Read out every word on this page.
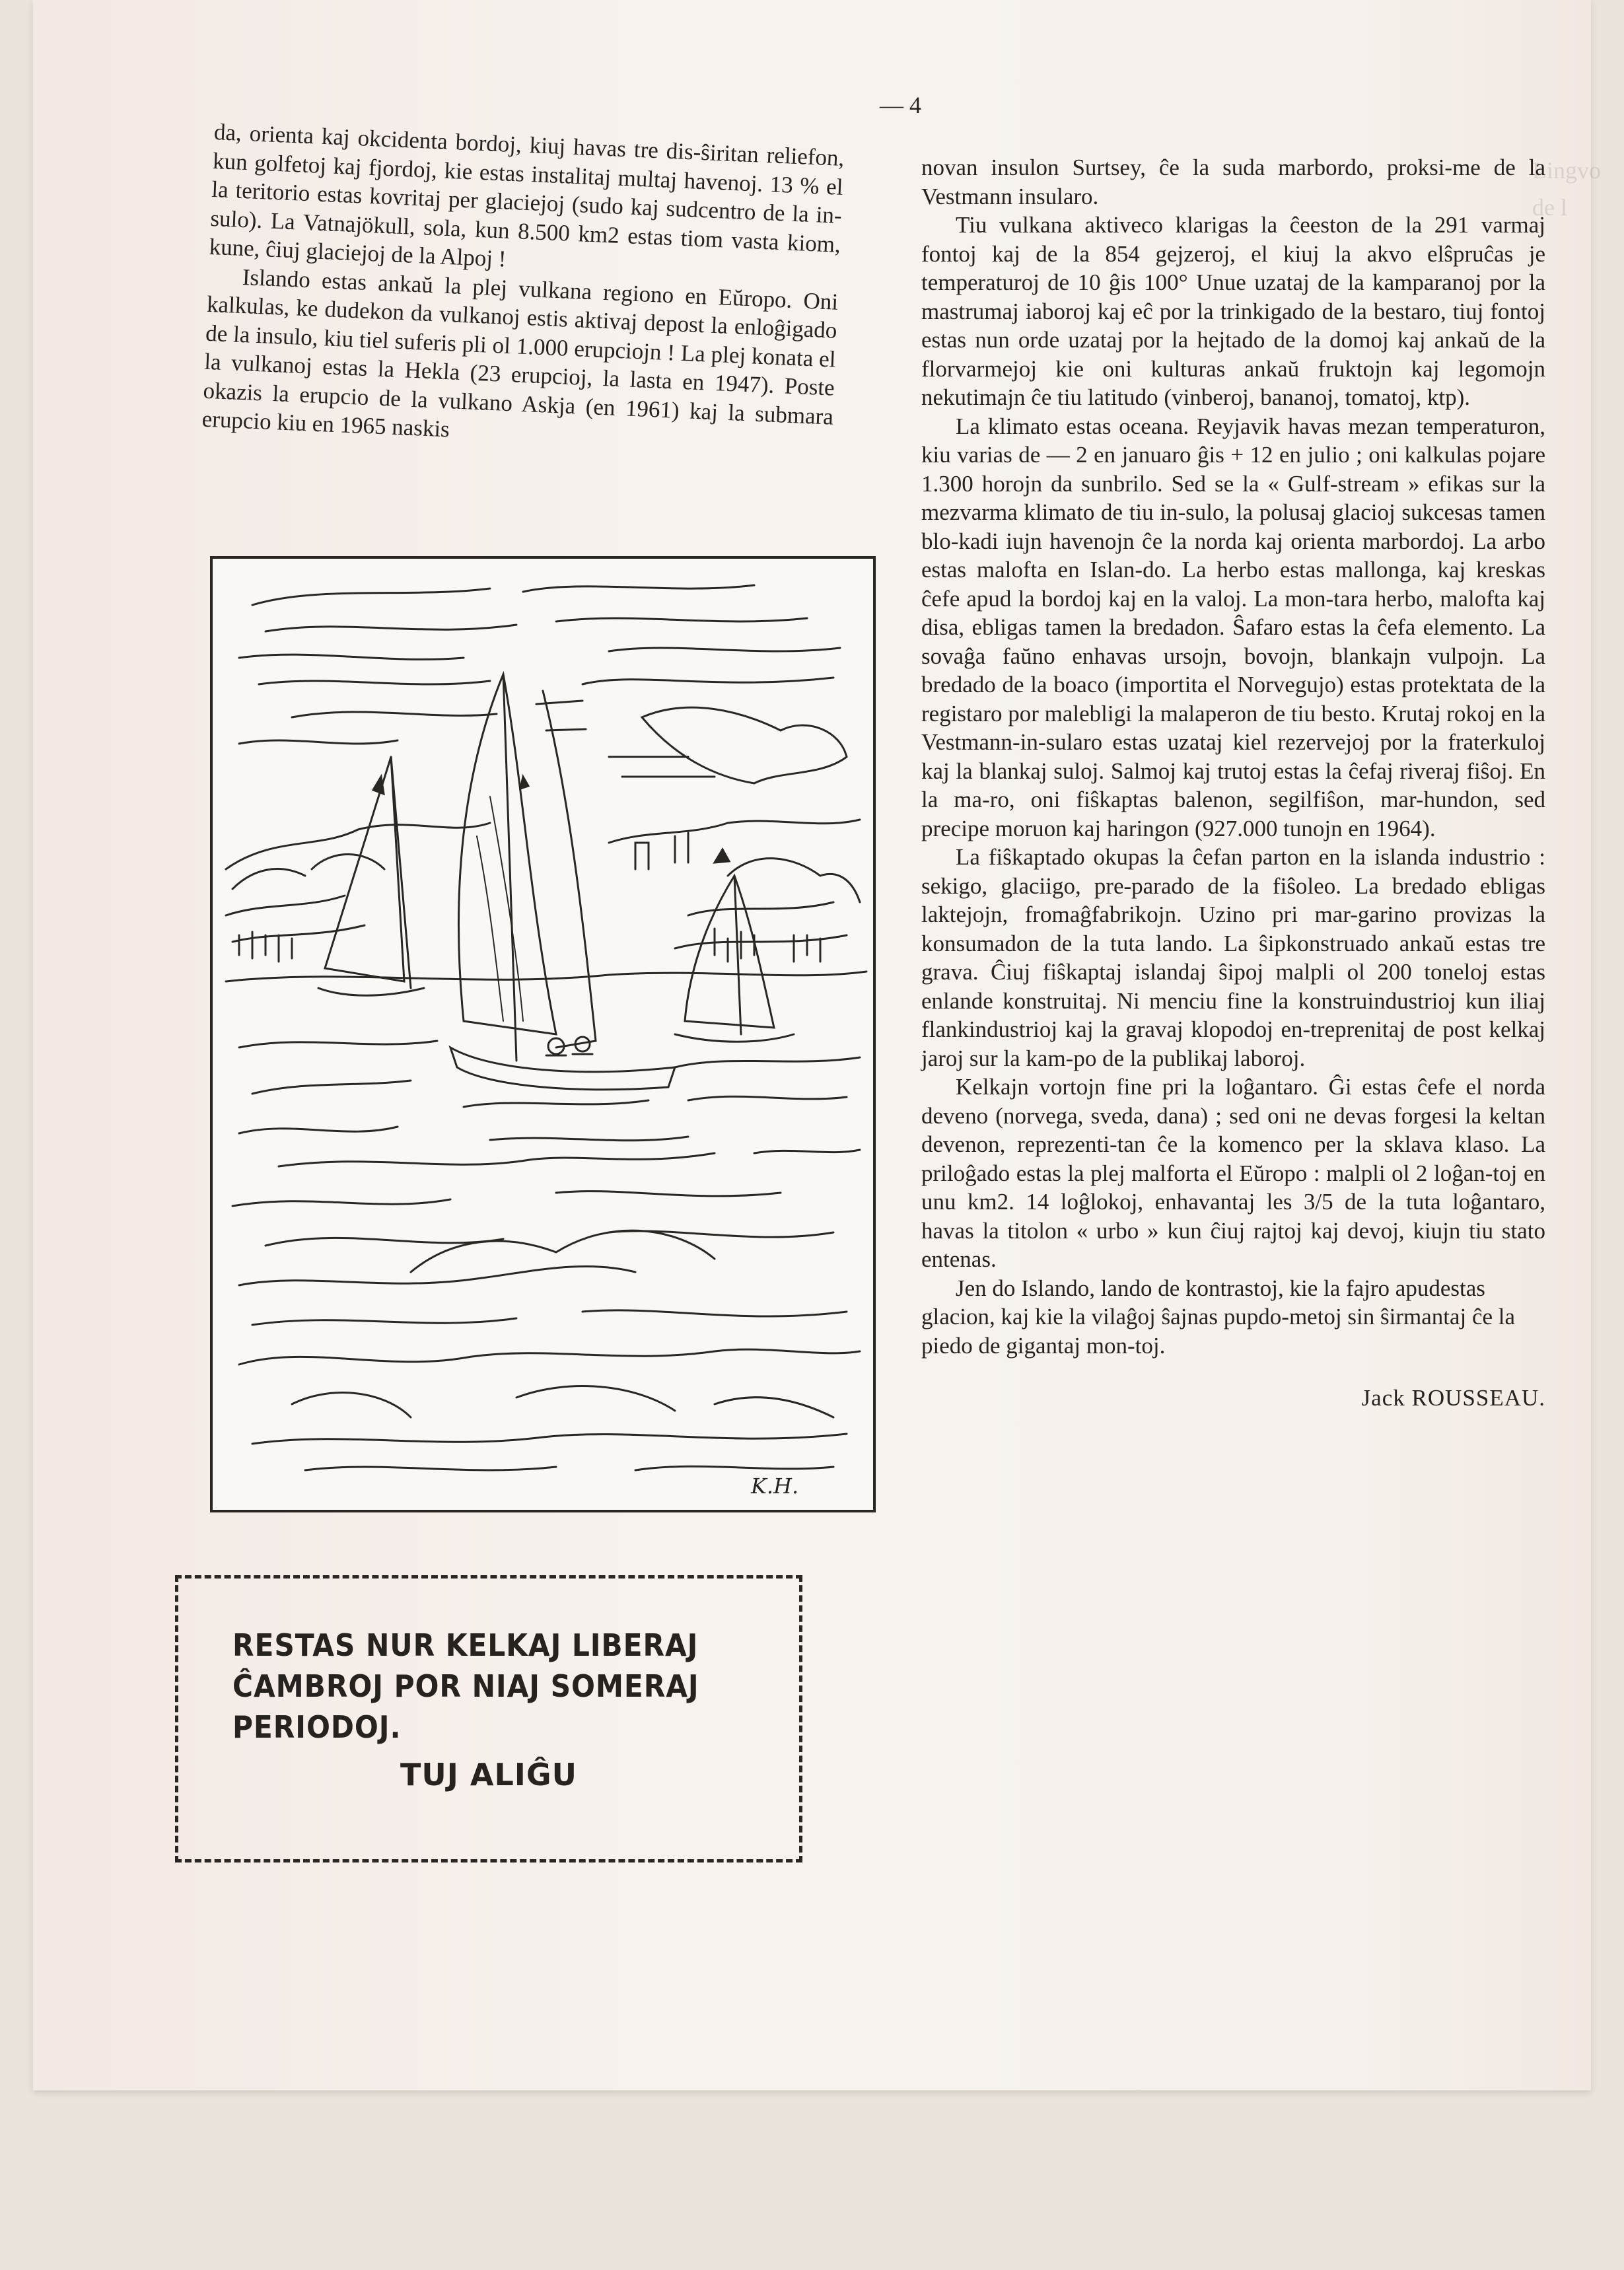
Lingvo de l
— 4

da, orienta kaj okcidenta bordoj, kiuj havas tre dis-ŝiritan reliefon, kun golfetoj kaj fjordoj, kie estas instalitaj multaj havenoj. 13 % el la teritorio estas kovritaj per glaciejoj (sudo kaj sudcentro de la in-sulo). La Vatnajökull, sola, kun 8.500 km2 estas tiom vasta kiom, kune, ĉiuj glaciejoj de la Alpoj !

Islando estas ankaŭ la plej vulkana regiono en Eŭropo. Oni kalkulas, ke dudekon da vulkanoj estis aktivaj depost la enloĝigado de la insulo, kiu tiel suferis pli ol 1.000 erupciojn ! La plej konata el la vulkanoj estas la Hekla (23 erupcioj, la lasta en 1947). Poste okazis la erupcio de la vulkano Askja (en 1961) kaj la submara erupcio kiu en 1965 naskis

K.H.
RESTAS NUR KELKAJ LIBERAJ
ĈAMBROJ POR NIAJ SOMERAJ
PERIODOJ.
TUJ ALIĜU

novan insulon Surtsey, ĉe la suda marbordo, proksi-me de la Vestmann insularo.

Tiu vulkana aktiveco klarigas la ĉeeston de la 291 varmaj fontoj kaj de la 854 gejzeroj, el kiuj la akvo elŝpruĉas je temperaturoj de 10 ĝis 100° Unue uzataj de la kamparanoj por la mastrumaj iaboroj kaj eĉ por la trinkigado de la bestaro, tiuj fontoj estas nun orde uzataj por la hejtado de la domoj kaj ankaŭ de la florvarmejoj kie oni kulturas ankaŭ fruktojn kaj legomojn nekutimajn ĉe tiu latitudo (vinberoj, bananoj, tomatoj, ktp).

La klimato estas oceana. Reyjavik havas mezan temperaturon, kiu varias de — 2 en januaro ĝis + 12 en julio ; oni kalkulas pojare 1.300 horojn da sunbrilo. Sed se la « Gulf-stream » efikas sur la mezvarma klimato de tiu in-sulo, la polusaj glacioj sukcesas tamen blo-kadi iujn havenojn ĉe la norda kaj orienta marbordoj. La arbo estas malofta en Islan-do. La herbo estas mallonga, kaj kreskas ĉefe apud la bordoj kaj en la valoj. La mon-tara herbo, malofta kaj disa, ebligas tamen la bredadon. Ŝafaro estas la ĉefa elemento. La sovaĝa faŭno enhavas ursojn, bovojn, blankajn vulpojn. La bredado de la boaco (importita el Norvegujo) estas protektata de la registaro por malebligi la malaperon de tiu besto. Krutaj rokoj en la Vestmann-in-sularo estas uzataj kiel rezervejoj por la fraterkuloj kaj la blankaj suloj. Salmoj kaj trutoj estas la ĉefaj riveraj fiŝoj. En la ma-ro, oni fiŝkaptas balenon, segilfiŝon, mar-hundon, sed precipe moruon kaj haringon (927.000 tunojn en 1964).

La fiŝkaptado okupas la ĉefan parton en la islanda industrio : sekigo, glaciigo, pre-parado de la fiŝoleo. La bredado ebligas laktejojn, fromaĝfabrikojn. Uzino pri mar-garino provizas la konsumadon de la tuta lando. La ŝipkonstruado ankaŭ estas tre grava. Ĉiuj fiŝkaptaj islandaj ŝipoj malpli ol 200 toneloj estas enlande konstruitaj. Ni menciu fine la konstruindustrioj kun iliaj flankindustrioj kaj la gravaj klopodoj en-treprenitaj de post kelkaj jaroj sur la kam-po de la publikaj laboroj.

Kelkajn vortojn fine pri la loĝantaro. Ĝi estas ĉefe el norda deveno (norvega, sveda, dana) ; sed oni ne devas forgesi la keltan devenon, reprezenti-tan ĉe la komenco per la sklava klaso. La priloĝado estas la plej malforta el Eŭropo : malpli ol 2 loĝan-toj en unu km2. 14 loĝlokoj, enhavantaj les 3/5 de la tuta loĝantaro, havas la titolon « urbo » kun ĉiuj rajtoj kaj devoj, kiujn tiu stato entenas.

Jen do Islando, lando de kontrastoj, kie la fajro apudestas glacion, kaj kie la vilaĝoj ŝajnas pupdo-metoj sin ŝirmantaj ĉe la piedo de gigantaj mon-toj.

Jack ROUSSEAU.
